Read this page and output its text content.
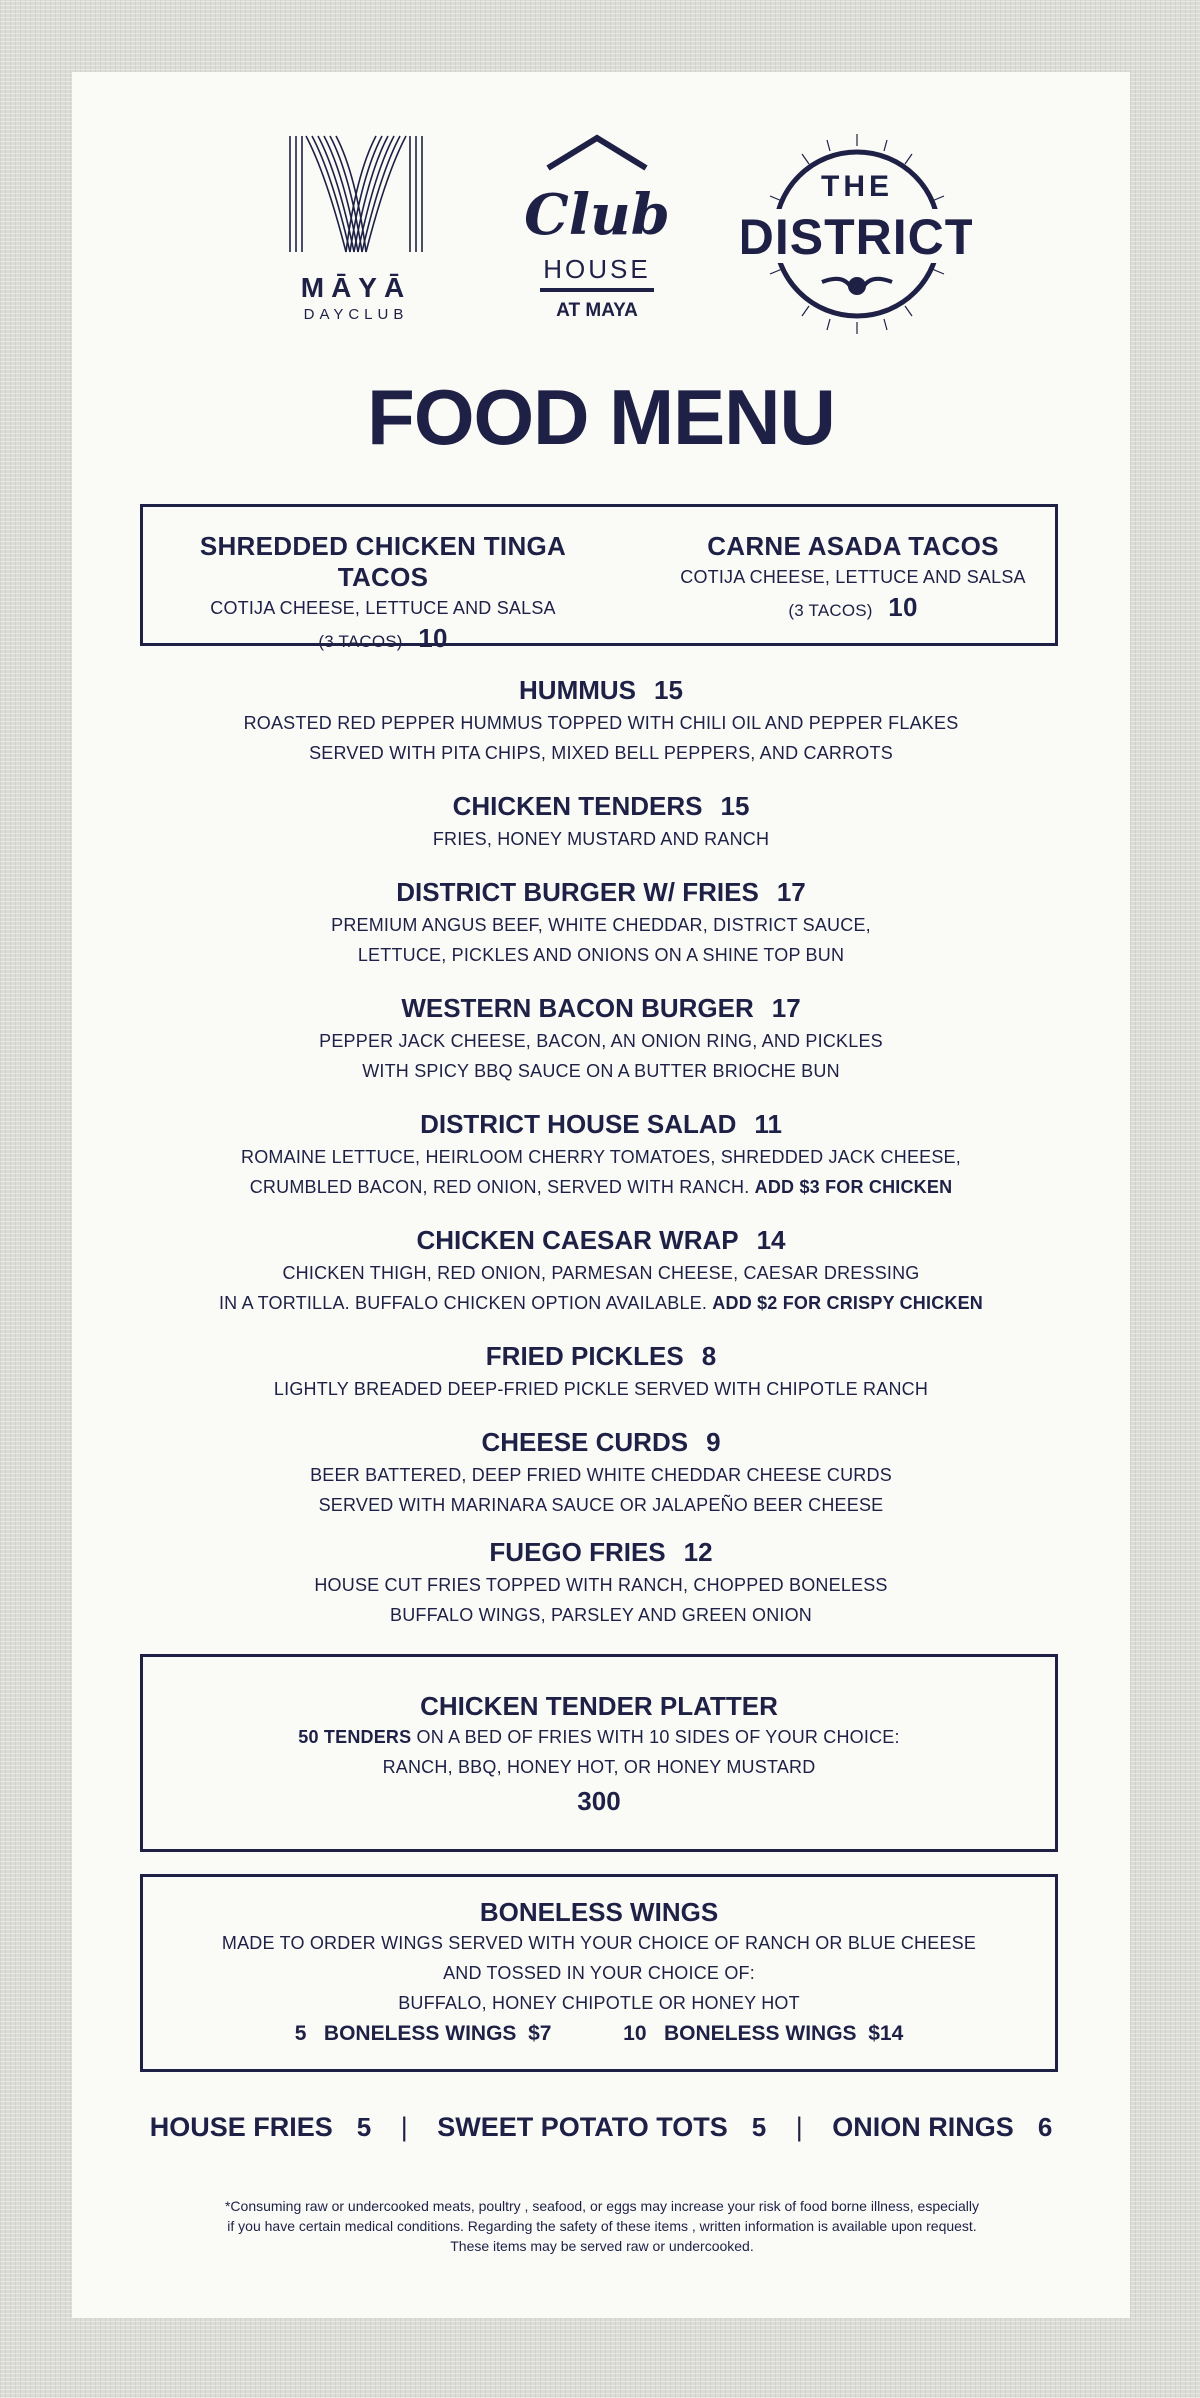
MĀYĀ
DAYCLUB
Club
HOUSE
AT MAYA
THE
DISTRICT
FOOD MENU
SHREDDED CHICKEN TINGA TACOS
COTIJA CHEESE, LETTUCE AND SALSA
(3 TACOS) 10
CARNE ASADA TACOS
COTIJA CHEESE, LETTUCE AND SALSA
(3 TACOS) 10
HUMMUS 15
ROASTED RED PEPPER HUMMUS TOPPED WITH CHILI OIL AND PEPPER FLAKES
SERVED WITH PITA CHIPS, MIXED BELL PEPPERS, AND CARROTS
CHICKEN TENDERS 15
FRIES, HONEY MUSTARD AND RANCH
DISTRICT BURGER W/ FRIES 17
PREMIUM ANGUS BEEF, WHITE CHEDDAR, DISTRICT SAUCE,
LETTUCE, PICKLES AND ONIONS ON A SHINE TOP BUN
WESTERN BACON BURGER 17
PEPPER JACK CHEESE, BACON, AN ONION RING, AND PICKLES
WITH SPICY BBQ SAUCE ON A BUTTER BRIOCHE BUN
DISTRICT HOUSE SALAD 11
ROMAINE LETTUCE, HEIRLOOM CHERRY TOMATOES, SHREDDED JACK CHEESE,
CRUMBLED BACON, RED ONION, SERVED WITH RANCH. ADD $3 FOR CHICKEN
CHICKEN CAESAR WRAP 14
CHICKEN THIGH, RED ONION, PARMESAN CHEESE, CAESAR DRESSING
IN A TORTILLA. BUFFALO CHICKEN OPTION AVAILABLE. ADD $2 FOR CRISPY CHICKEN
FRIED PICKLES 8
LIGHTLY BREADED DEEP-FRIED PICKLE SERVED WITH CHIPOTLE RANCH
CHEESE CURDS 9
BEER BATTERED, DEEP FRIED WHITE CHEDDAR CHEESE CURDS
SERVED WITH MARINARA SAUCE OR JALAPEÑO BEER CHEESE
FUEGO FRIES 12
HOUSE CUT FRIES TOPPED WITH RANCH, CHOPPED BONELESS
BUFFALO WINGS, PARSLEY AND GREEN ONION
CHICKEN TENDER PLATTER
50 TENDERS ON A BED OF FRIES WITH 10 SIDES OF YOUR CHOICE:
RANCH, BBQ, HONEY HOT, OR HONEY MUSTARD
300
BONELESS WINGS
MADE TO ORDER WINGS SERVED WITH YOUR CHOICE OF RANCH OR BLUE CHEESE
AND TOSSED IN YOUR CHOICE OF:
BUFFALO, HONEY CHIPOTLE OR HONEY HOT
5   BONELESS WINGS  $7	10   BONELESS WINGS  $14
HOUSE FRIES 5 | SWEET POTATO TOTS 5 | ONION RINGS 6
*Consuming raw or undercooked meats, poultry , seafood, or eggs may increase your risk of food borne illness, especially if you have certain medical conditions. Regarding the safety of these items , written information is available upon request. These items may be served raw or undercooked.
